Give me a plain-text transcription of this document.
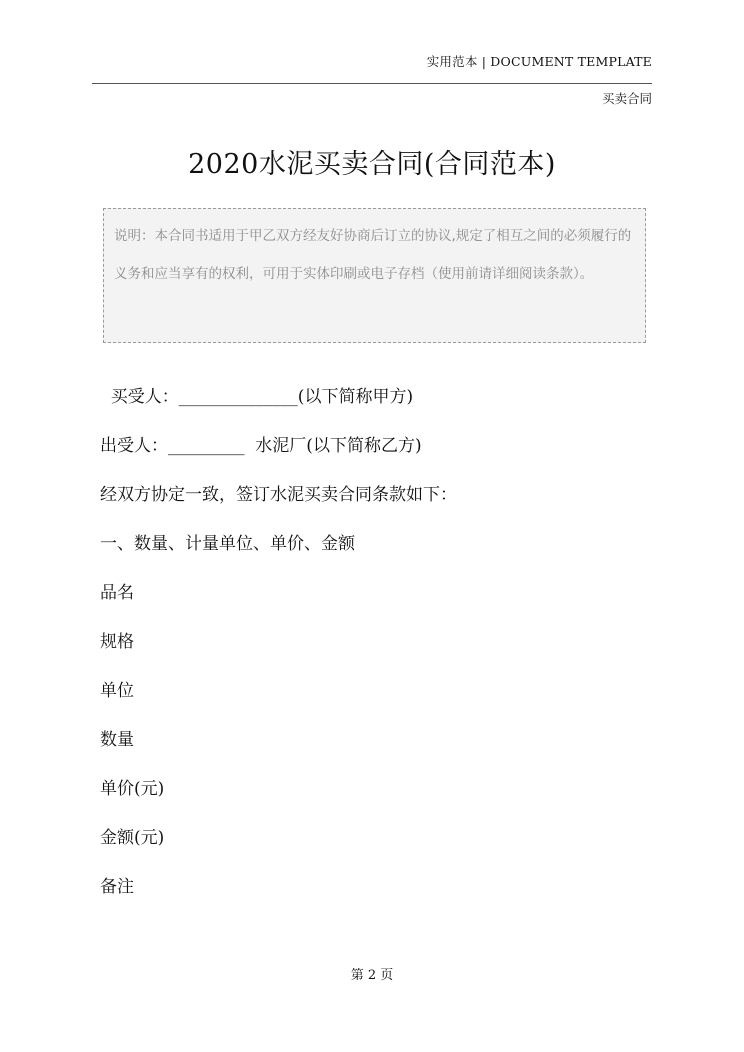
实用范本 | DOCUMENT TEMPLATE
买卖合同
2020水泥买卖合同(合同范本)
说明：本合同书适用于甲乙双方经友好协商后订立的协议,规定了相互之间的必须履行的义务和应当享有的权利，可用于实体印刷或电子存档（使用前请详细阅读条款）。
买受人：______________(以下简称甲方)
出受人：_________  水泥厂(以下简称乙方)
经双方协定一致，签订水泥买卖合同条款如下：
一、数量、计量单位、单价、金额
品名
规格
单位
数量
单价(元)
金额(元)
备注
第 2 页
